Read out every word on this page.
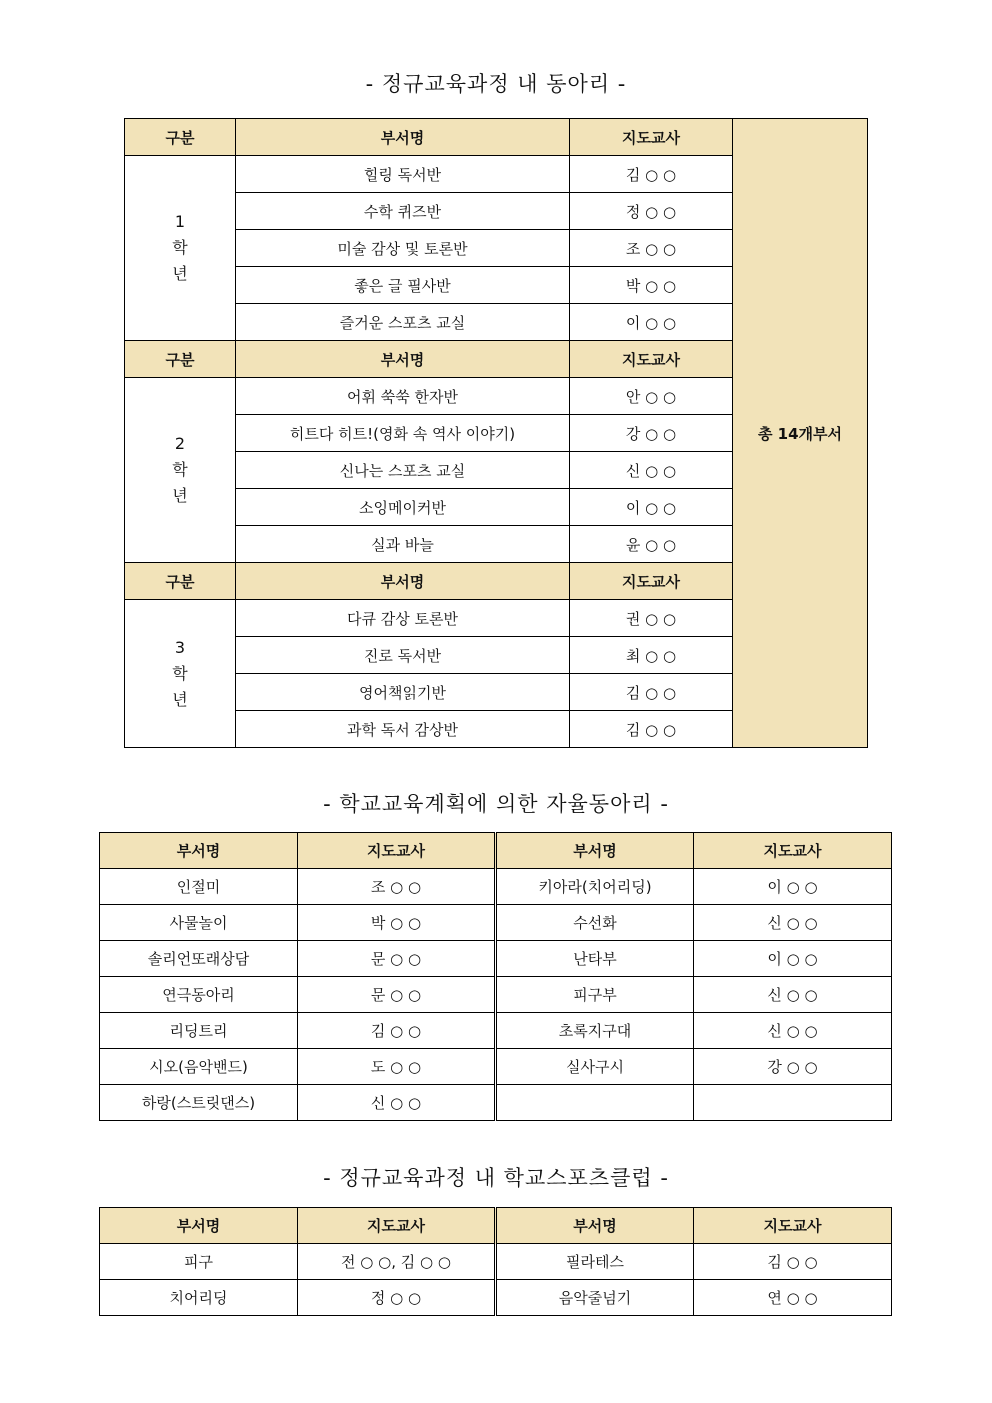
- 정규교육과정 내 동아리 -
구분	부서명	지도교사	총 14개부서
1
학
년	힐링 독서반	김 ○ ○	
	수학 퀴즈반	정 ○ ○	
	미술 감상 및 토론반	조 ○ ○	
	좋은 글 필사반	박 ○ ○	
	즐거운 스포츠 교실	이 ○ ○	
구분	부서명	지도교사	
2
학
년	어휘 쑥쑥 한자반	안 ○ ○	
	히트다 히트!(영화 속 역사 이야기)	강 ○ ○	
	신나는 스포츠 교실	신 ○ ○	
	소잉메이커반	이 ○ ○	
	실과 바늘	윤 ○ ○	
구분	부서명	지도교사	
3
학
년	다큐 감상 토론반	권 ○ ○	
	진로 독서반	최 ○ ○	
	영어책읽기반	김 ○ ○	
	과학 독서 감상반	김 ○ ○	
- 학교교육계획에 의한 자율동아리 -
부서명	지도교사	부서명	지도교사
인절미	조 ○ ○	키아라(치어리딩)	이 ○ ○
사물놀이	박 ○ ○	수선화	신 ○ ○
솔리언또래상담	문 ○ ○	난타부	이 ○ ○
연극동아리	문 ○ ○	피구부	신 ○ ○
리딩트리	김 ○ ○	초록지구대	신 ○ ○
시오(음악밴드)	도 ○ ○	실사구시	강 ○ ○
하랑(스트릿댄스)	신 ○ ○		
- 정규교육과정 내 학교스포츠클럽 -
부서명	지도교사	부서명	지도교사
피구	전 ○ ○, 김 ○ ○	필라테스	김 ○ ○
치어리딩	정 ○ ○	음악줄넘기	연 ○ ○
